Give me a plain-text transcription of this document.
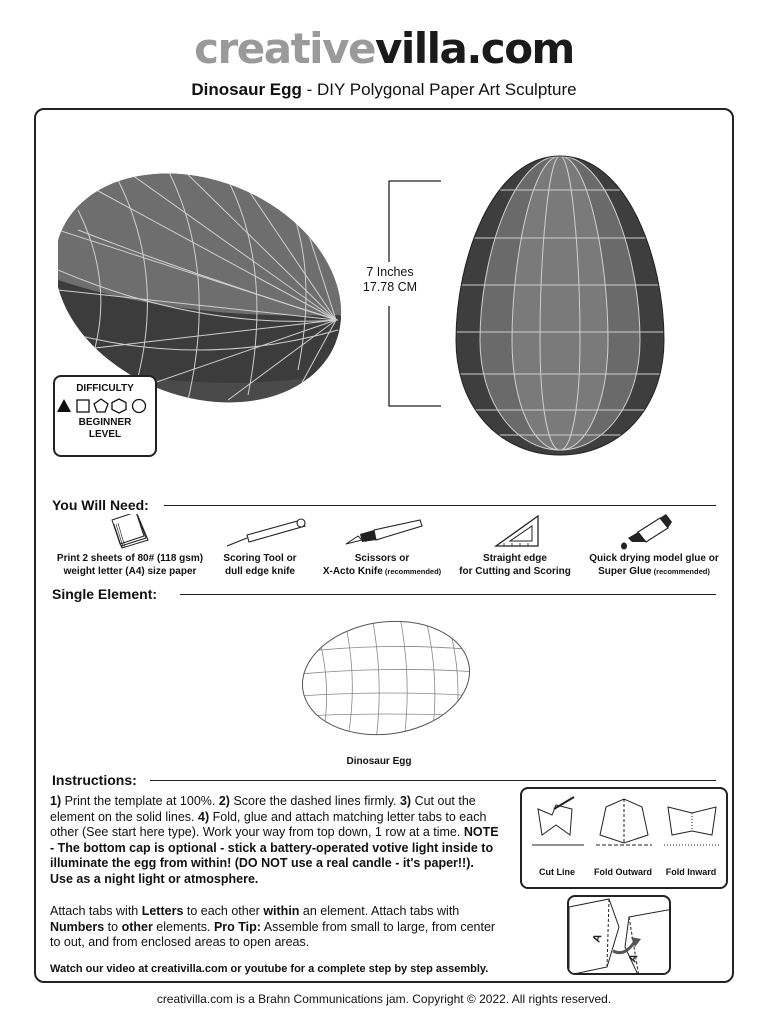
creativevilla.com
Dinosaur Egg - DIY Polygonal Paper Art Sculpture
DIFFICULTY
BEGINNER
LEVEL
7 Inches
17.78 CM
You Will Need:
Print 2 sheets of 80# (118 gsm)
weight letter (A4) size paper
Scoring Tool or
dull edge knife
Scissors or
X-Acto Knife (recommended)
Straight edge
for Cutting and Scoring
Quick drying model glue or
Super Glue (recommended)
Single Element:
Dinosaur Egg
Instructions:

1) Print the template at 100%. 2) Score the dashed lines firmly. 3) Cut out the element on the solid lines. 4) Fold, glue and attach matching letter tabs to each other (See start here type). Work your way from top down, 1 row at a time. NOTE - The bottom cap is optional - stick a battery-operated votive light inside to illuminate the egg from within! (DO NOT use a real candle - it's paper!!). Use as a night light or atmosphere.

Attach tabs with Letters to each other within an element. Attach tabs with Numbers to other elements. Pro Tip: Assemble from small to large, from center to out, and from enclosed areas to open areas.

Watch our video at creativilla.com or youtube for a complete step by step assembly.

Cut Line	Fold Outward	Fold Inward
A
A
creativilla.com is a Brahn Communications jam. Copyright © 2022. All rights reserved.
